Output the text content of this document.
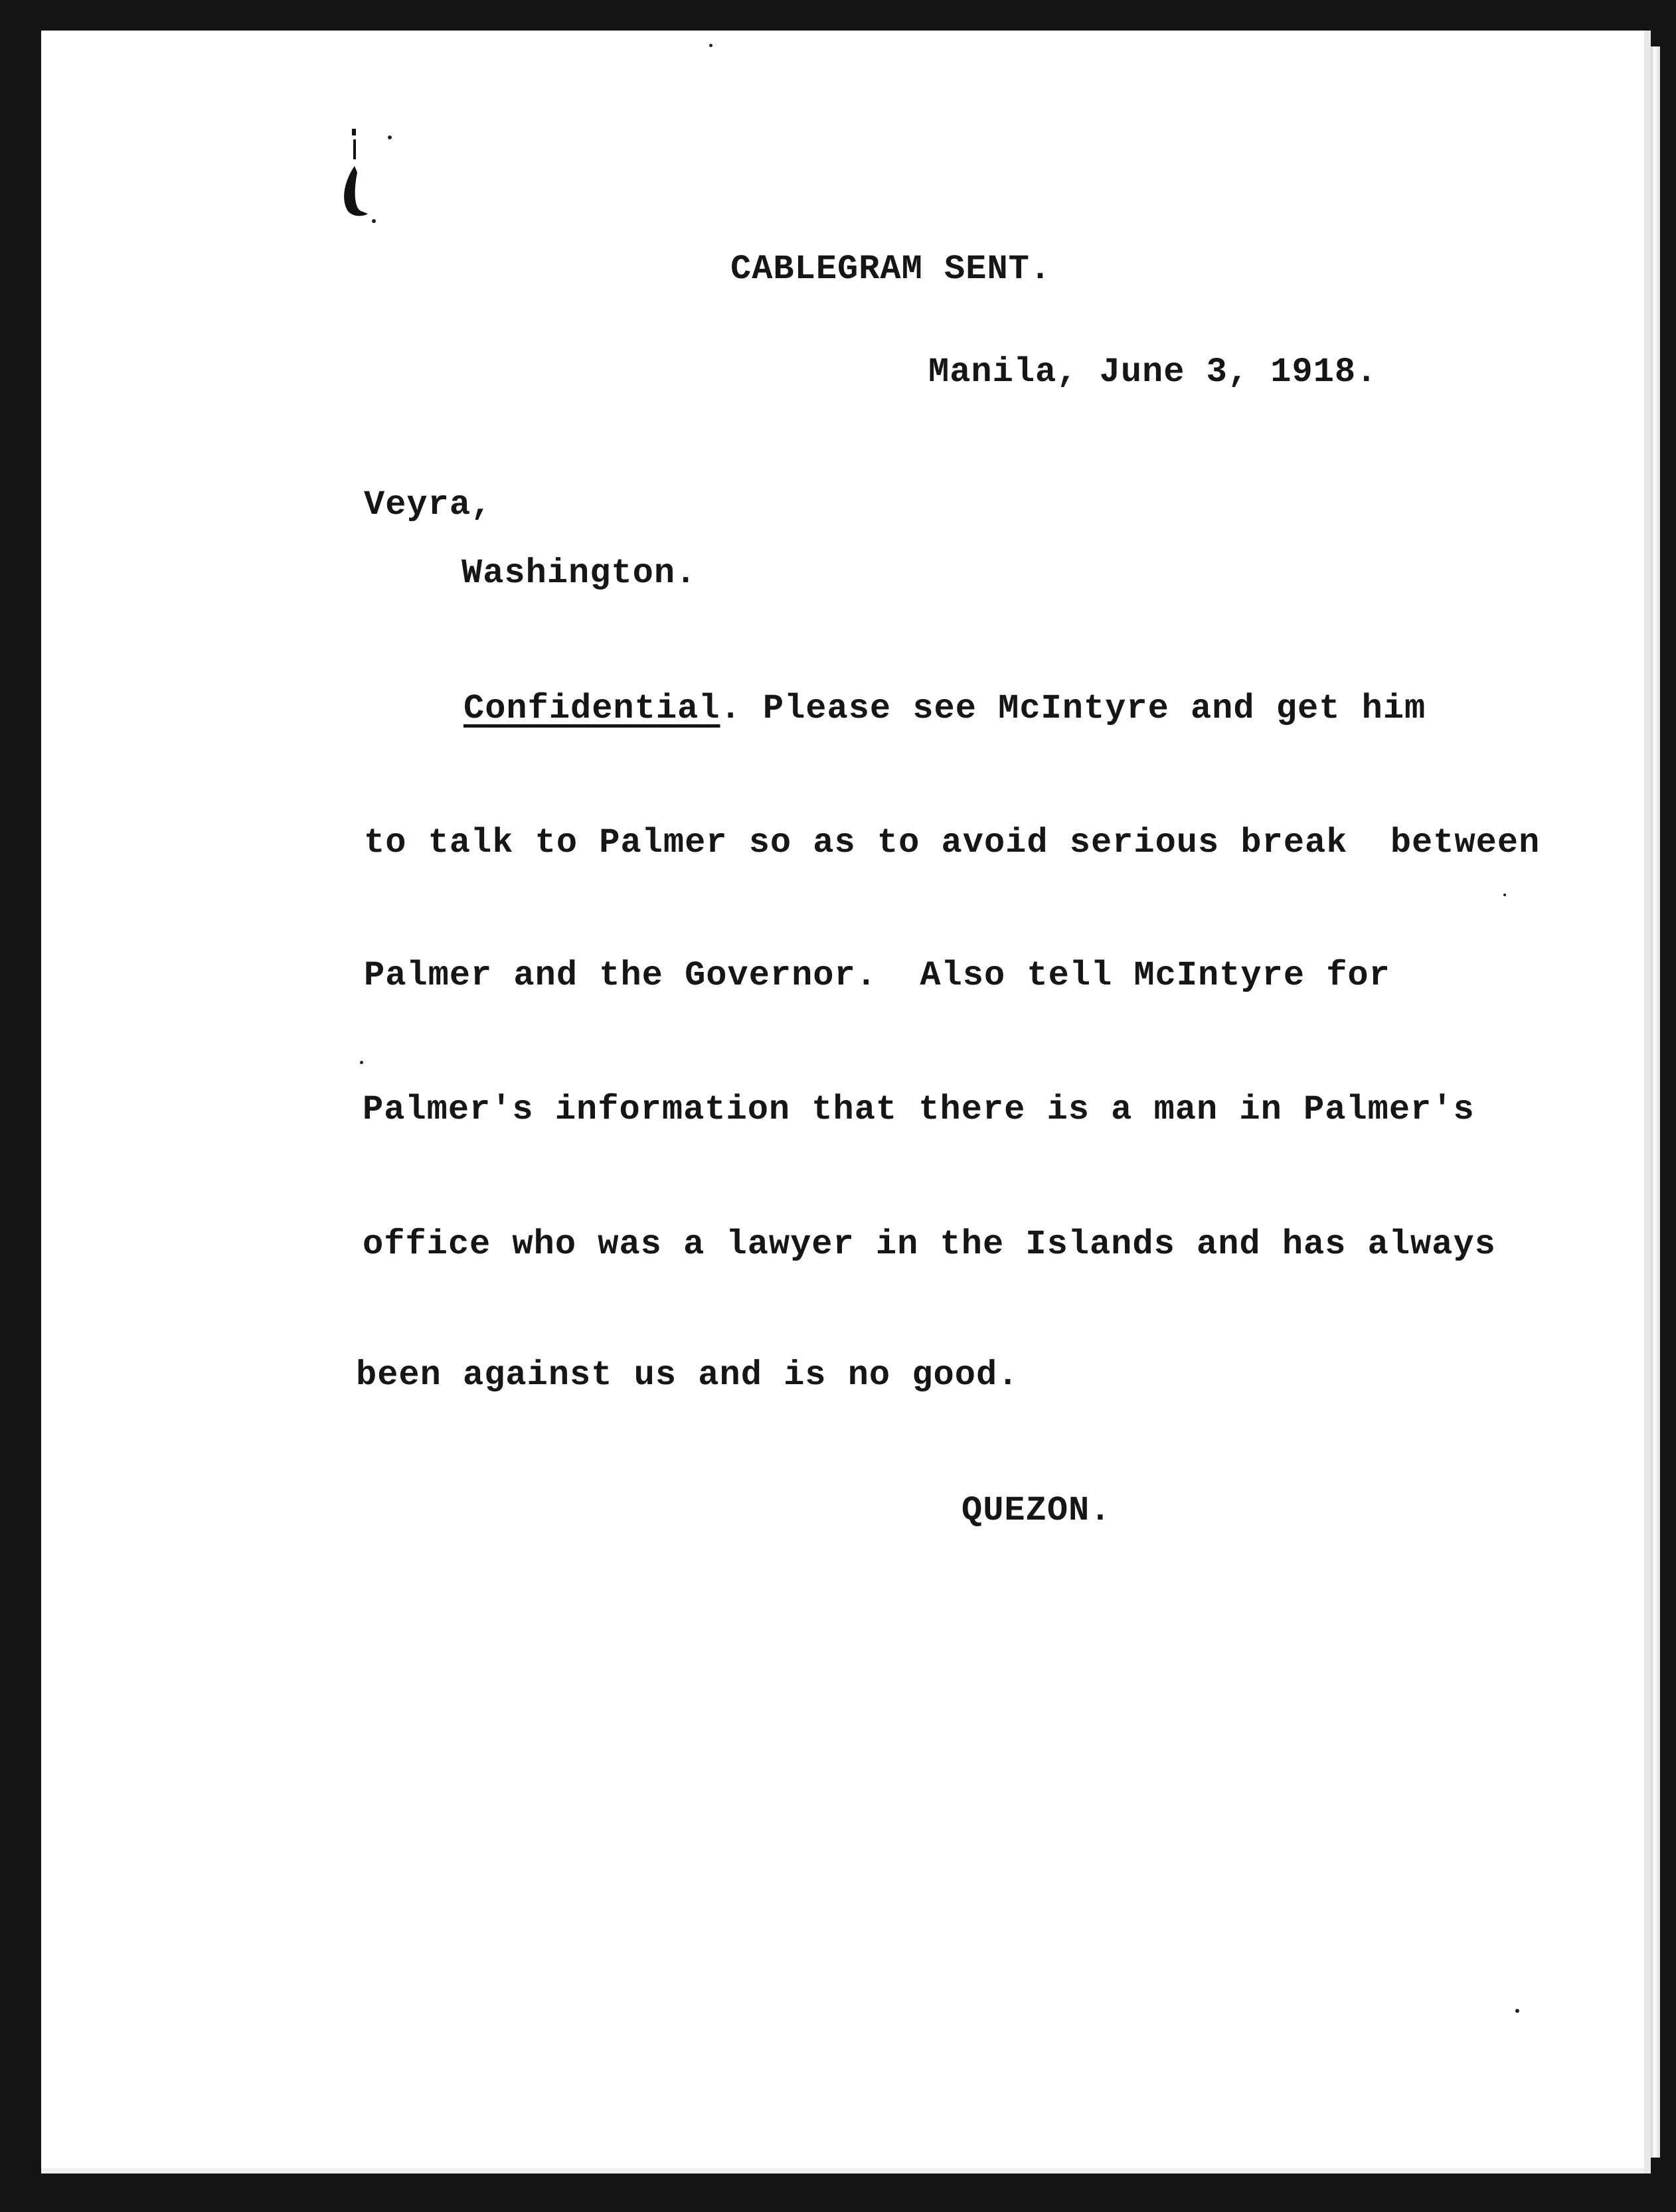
CABLEGRAM SENT.
Manila, June 3, 1918.
Veyra,
Washington.
Confidential. Please see McIntyre and get him
to talk to Palmer so as to avoid serious break  between
Palmer and the Governor.  Also tell McIntyre for
Palmer's information that there is a man in Palmer's
office who was a lawyer in the Islands and has always
been against us and is no good.
QUEZON.
